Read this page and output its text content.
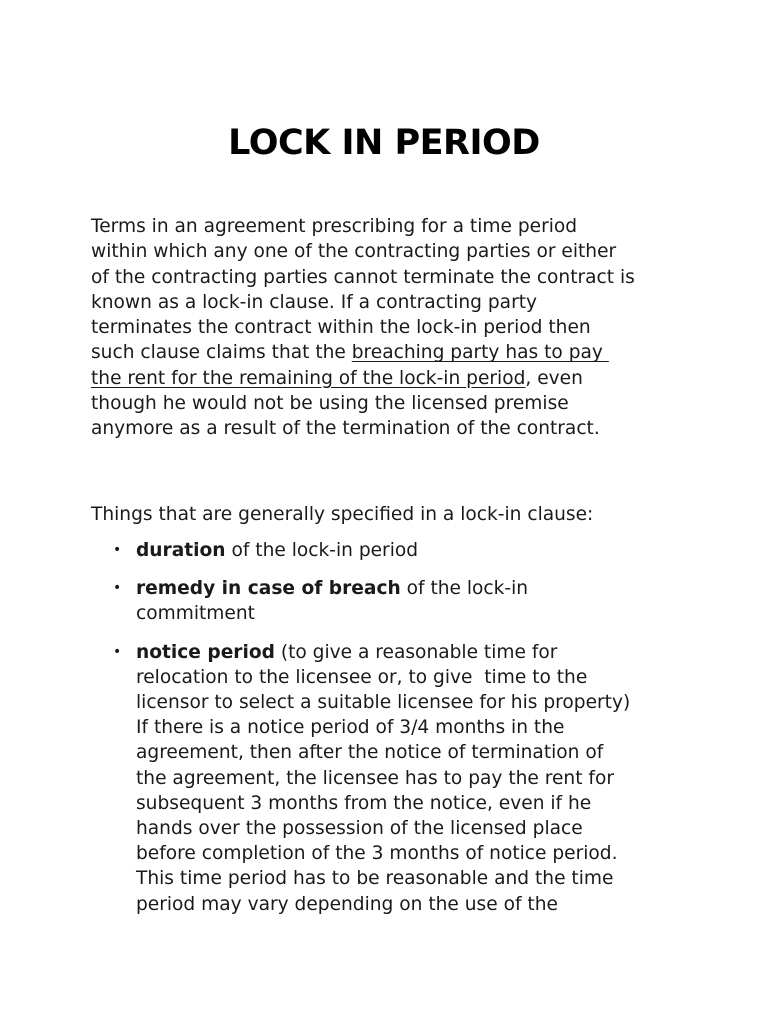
LOCK IN PERIOD

Terms in an agreement prescribing for a time period
within which any one of the contracting parties or either
of the contracting parties cannot terminate the contract is
known as a lock-in clause. If a contracting party
terminates the contract within the lock-in period then
such clause claims that the breaching party has to pay
the rent for the remaining of the lock-in period, even
though he would not be using the licensed premise
anymore as a result of the termination of the contract.

Things that are generally specified in a lock-in clause:

• duration of the lock-in period
• remedy in case of breach of the lock-in
commitment
• notice period (to give a reasonable time for
relocation to the licensee or, to give  time to the
licensor to select a suitable licensee for his property)
If there is a notice period of 3/4 months in the
agreement, then after the notice of termination of
the agreement, the licensee has to pay the rent for
subsequent 3 months from the notice, even if he
hands over the possession of the licensed place
before completion of the 3 months of notice period.
This time period has to be reasonable and the time
period may vary depending on the use of the
